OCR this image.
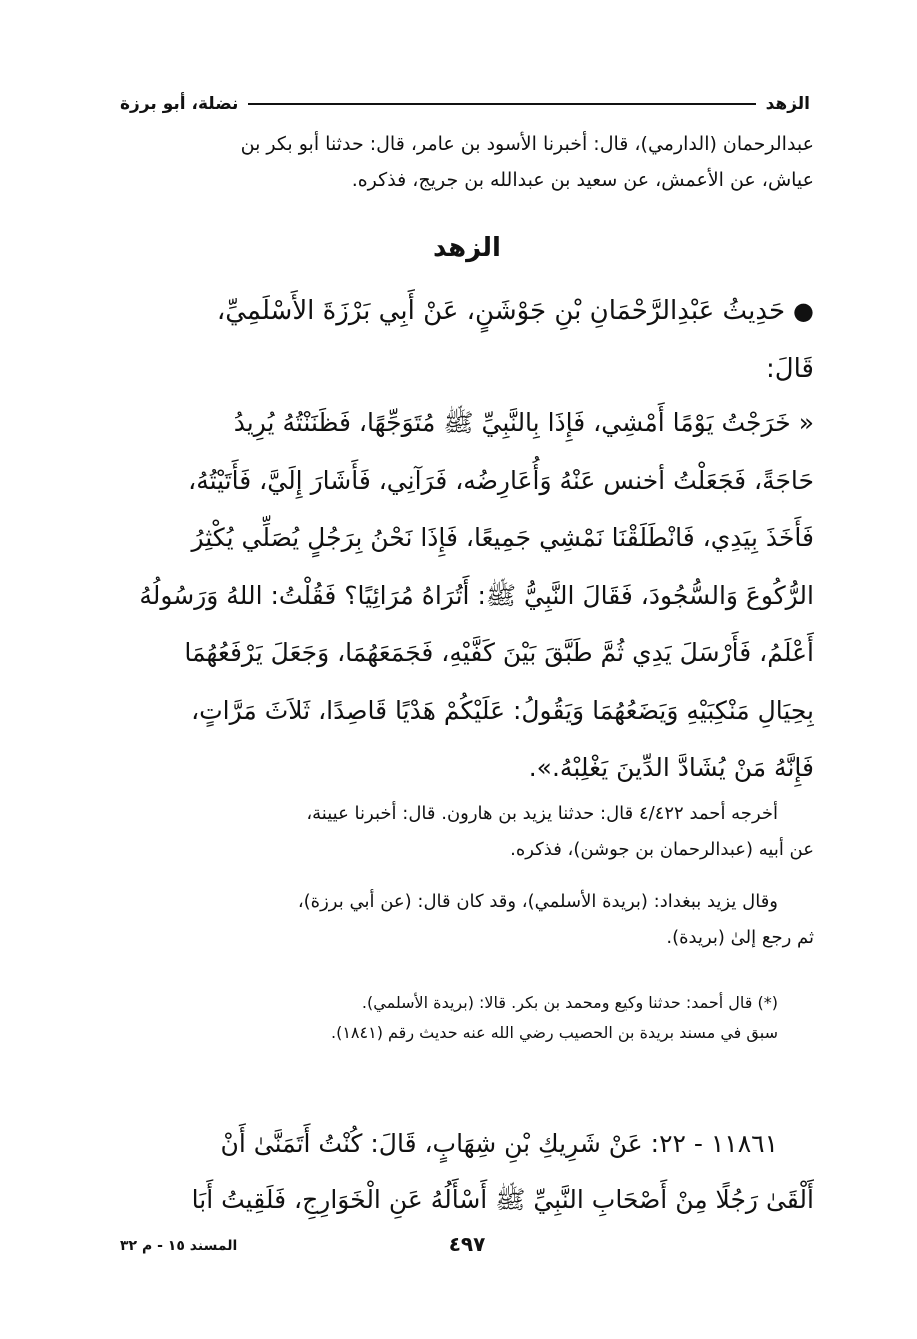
الزهد
نضلة، أبو برزة
عبدالرحمان (الدارمي)، قال: أخبرنا الأسود بن عامر، قال: حدثنا أبو بكر بن
عياش، عن الأعمش، عن سعيد بن عبدالله بن جريج، فذكره.
الزهد
●حَدِيثُ عَبْدِالرَّحْمَانِ بْنِ جَوْشَنٍ، عَنْ أَبِي بَرْزَةَ الأَسْلَمِيِّ،
قَالَ:
« خَرَجْتُ يَوْمًا أَمْشِي، فَإِذَا بِالنَّبِيِّ ﷺ مُتَوَجِّهًا، فَظَنَنْتُهُ يُرِيدُ
حَاجَةً، فَجَعَلْتُ أخنس عَنْهُ وَأُعَارِضُه، فَرَآنِي، فَأَشَارَ إِلَيَّ، فَأَتَيْتُهُ،
فَأَخَذَ بِيَدِي، فَانْطَلَقْنَا نَمْشِي جَمِيعًا، فَإِذَا نَحْنُ بِرَجُلٍ يُصَلِّي يُكْثِرُ
الرُّكُوعَ وَالسُّجُودَ، فَقَالَ النَّبِيُّ ﷺ: أَتُرَاهُ مُرَائِيًا؟ فَقُلْتُ: اللهُ وَرَسُولُهُ
أَعْلَمُ، فَأَرْسَلَ يَدِي ثُمَّ طَبَّقَ بَيْنَ كَفَّيْهِ، فَجَمَعَهُمَا، وَجَعَلَ يَرْفَعُهُمَا
بِحِيَالِ مَنْكِبَيْهِ وَيَضَعُهُمَا وَيَقُولُ: عَلَيْكُمْ هَدْيًا قَاصِدًا، ثَلاَثَ مَرَّاتٍ،
فَإِنَّهُ مَنْ يُشَادَّ الدِّينَ يَغْلِبْهُ.».
أخرجه أحمد ٤/٤٢٢ قال: حدثنا يزيد بن هارون. قال: أخبرنا عيينة،
عن أبيه (عبدالرحمان بن جوشن)، فذكره.
وقال يزيد ببغداد: (بريدة الأسلمي)، وقد كان قال: (عن أبي برزة)،
ثم رجع إلىٰ (بريدة).
(*) قال أحمد: حدثنا وكيع ومحمد بن بكر. قالا: (بريدة الأسلمي).
سبق في مسند بريدة بن الحصيب رضي الله عنه حديث رقم (١٨٤١).
١١٨٦١ - ٢٢: عَنْ شَرِيكِ بْنِ شِهَابٍ، قَالَ: كُنْتُ أَتَمَنَّىٰ أَنْ
أَلْقَىٰ رَجُلًا مِنْ أَصْحَابِ النَّبِيِّ ﷺ أَسْأَلُهُ عَنِ الْخَوَارِجِ، فَلَقِيتُ أَبَا
٤٩٧
المسند ١٥ - م ٣٢
